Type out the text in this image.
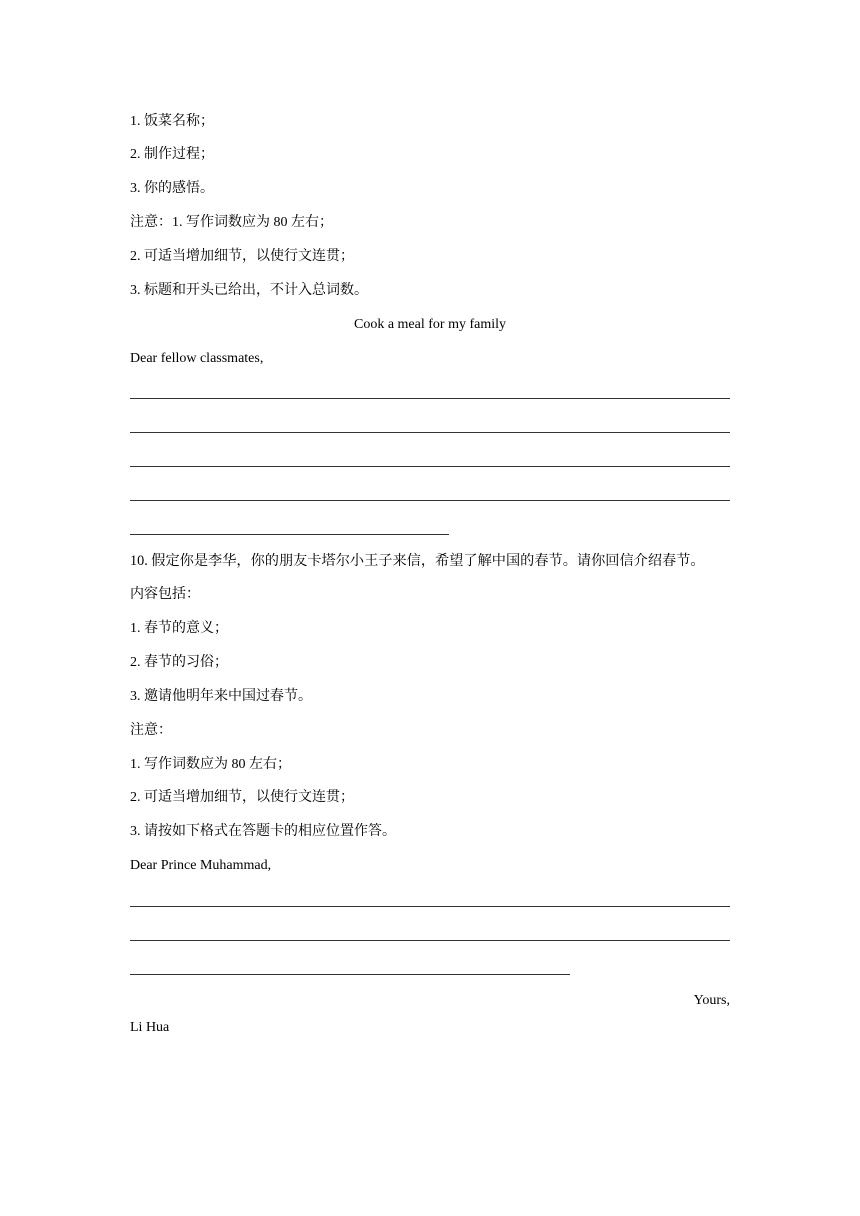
1. 饭菜名称；
2. 制作过程；
3. 你的感悟。
注意：1. 写作词数应为 80 左右；
2. 可适当增加细节，以使行文连贯；
3. 标题和开头已给出，不计入总词数。
Cook a meal for my family
Dear fellow classmates,
10. 假定你是李华，你的朋友卡塔尔小王子来信，希望了解中国的春节。请你回信介绍春节。
内容包括：
1. 春节的意义；
2. 春节的习俗；
3. 邀请他明年来中国过春节。
注意：
1. 写作词数应为 80 左右；
2. 可适当增加细节，以使行文连贯；
3. 请按如下格式在答题卡的相应位置作答。
Dear Prince Muhammad,
Yours,
Li Hua
